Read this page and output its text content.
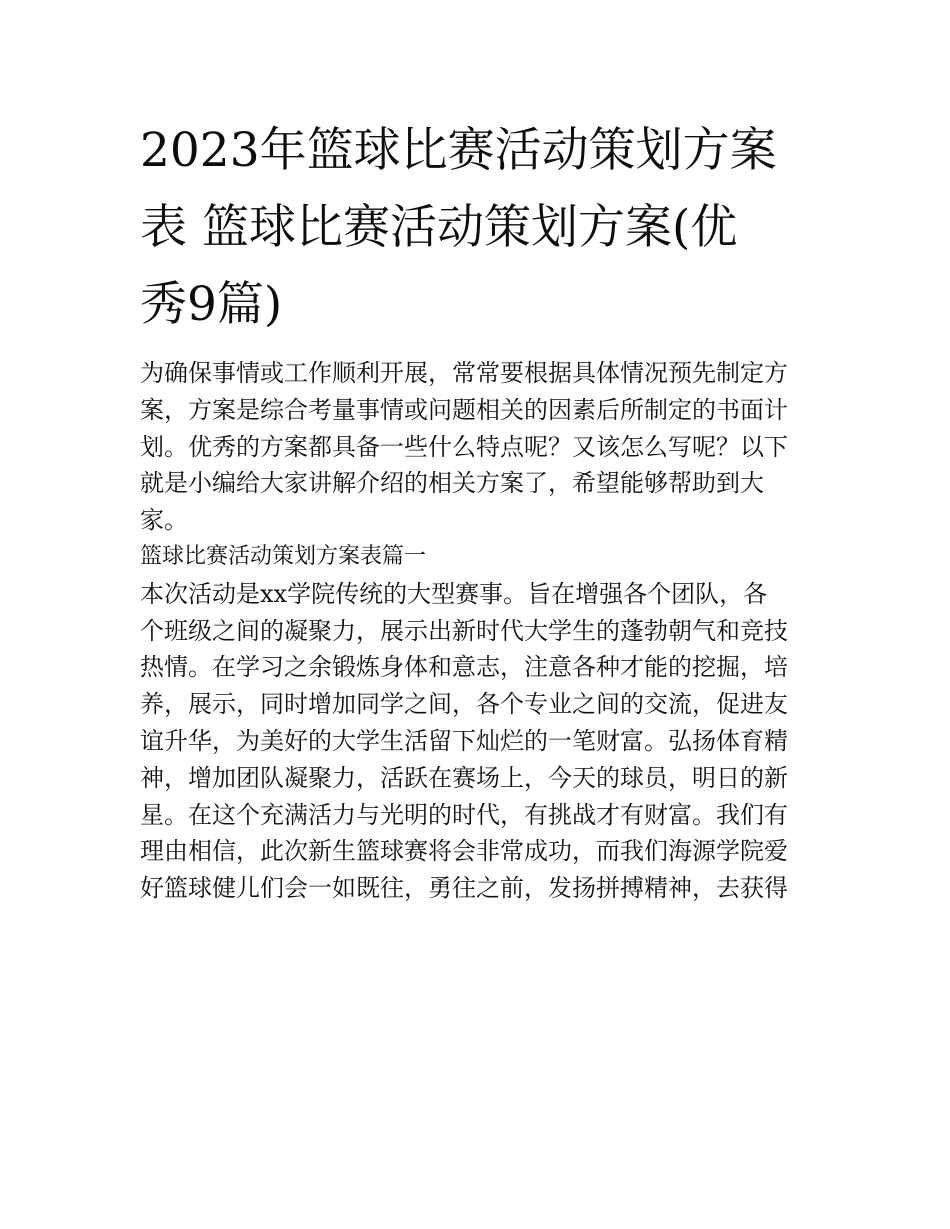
2023年篮球比赛活动策划方案
表 篮球比赛活动策划方案(优
秀9篇)

为确保事情或工作顺利开展，常常要根据具体情况预先制定方
案，方案是综合考量事情或问题相关的因素后所制定的书面计
划。优秀的方案都具备一些什么特点呢？又该怎么写呢？以下
就是小编给大家讲解介绍的相关方案了，希望能够帮助到大
家。

篮球比赛活动策划方案表篇一

本次活动是xx学院传统的大型赛事。旨在增强各个团队，各
个班级之间的凝聚力，展示出新时代大学生的蓬勃朝气和竞技
热情。在学习之余锻炼身体和意志，注意各种才能的挖掘，培
养，展示，同时增加同学之间，各个专业之间的交流，促进友
谊升华，为美好的大学生活留下灿烂的一笔财富。弘扬体育精
神，增加团队凝聚力，活跃在赛场上，今天的球员，明日的新
星。在这个充满活力与光明的时代，有挑战才有财富。我们有
理由相信，此次新生篮球赛将会非常成功，而我们海源学院爱
好篮球健儿们会一如既往，勇往之前，发扬拼搏精神，去获得
